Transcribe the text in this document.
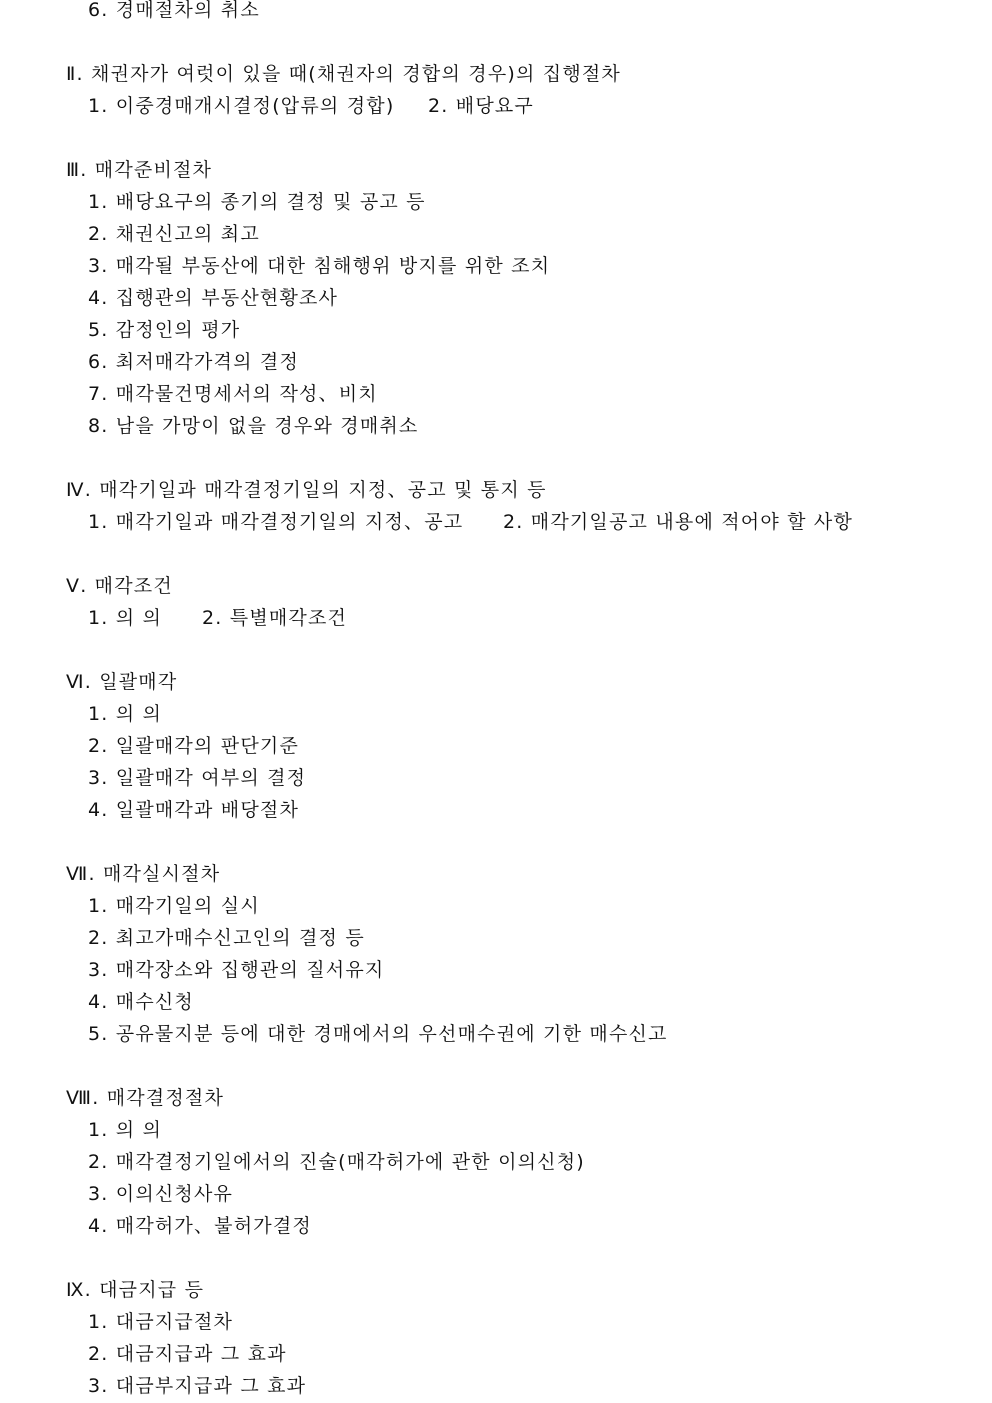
6. 경매절차의 취소
Ⅱ. 채권자가 여럿이 있을 때(채권자의 경합의 경우)의 집행절차
1. 이중경매개시결정(압류의 경합) 2. 배당요구
Ⅲ. 매각준비절차
1. 배당요구의 종기의 결정 및 공고 등
2. 채권신고의 최고
3. 매각될 부동산에 대한 침해행위 방지를 위한 조치
4. 집행관의 부동산현황조사
5. 감정인의 평가
6. 최저매각가격의 결정
7. 매각물건명세서의 작성、비치
8. 남을 가망이 없을 경우와 경매취소
Ⅳ. 매각기일과 매각결정기일의 지정、공고 및 통지 등
1. 매각기일과 매각결정기일의 지정、공고 2. 매각기일공고 내용에 적어야 할 사항
Ⅴ. 매각조건
1. 의 의 2. 특별매각조건
Ⅵ. 일괄매각
1. 의 의
2. 일괄매각의 판단기준
3. 일괄매각 여부의 결정
4. 일괄매각과 배당절차
Ⅶ. 매각실시절차
1. 매각기일의 실시
2. 최고가매수신고인의 결정 등
3. 매각장소와 집행관의 질서유지
4. 매수신청
5. 공유물지분 등에 대한 경매에서의 우선매수권에 기한 매수신고
Ⅷ. 매각결정절차
1. 의 의
2. 매각결정기일에서의 진술(매각허가에 관한 이의신청)
3. 이의신청사유
4. 매각허가、불허가결정
Ⅸ. 대금지급 등
1. 대금지급절차
2. 대금지급과 그 효과
3. 대금부지급과 그 효과
